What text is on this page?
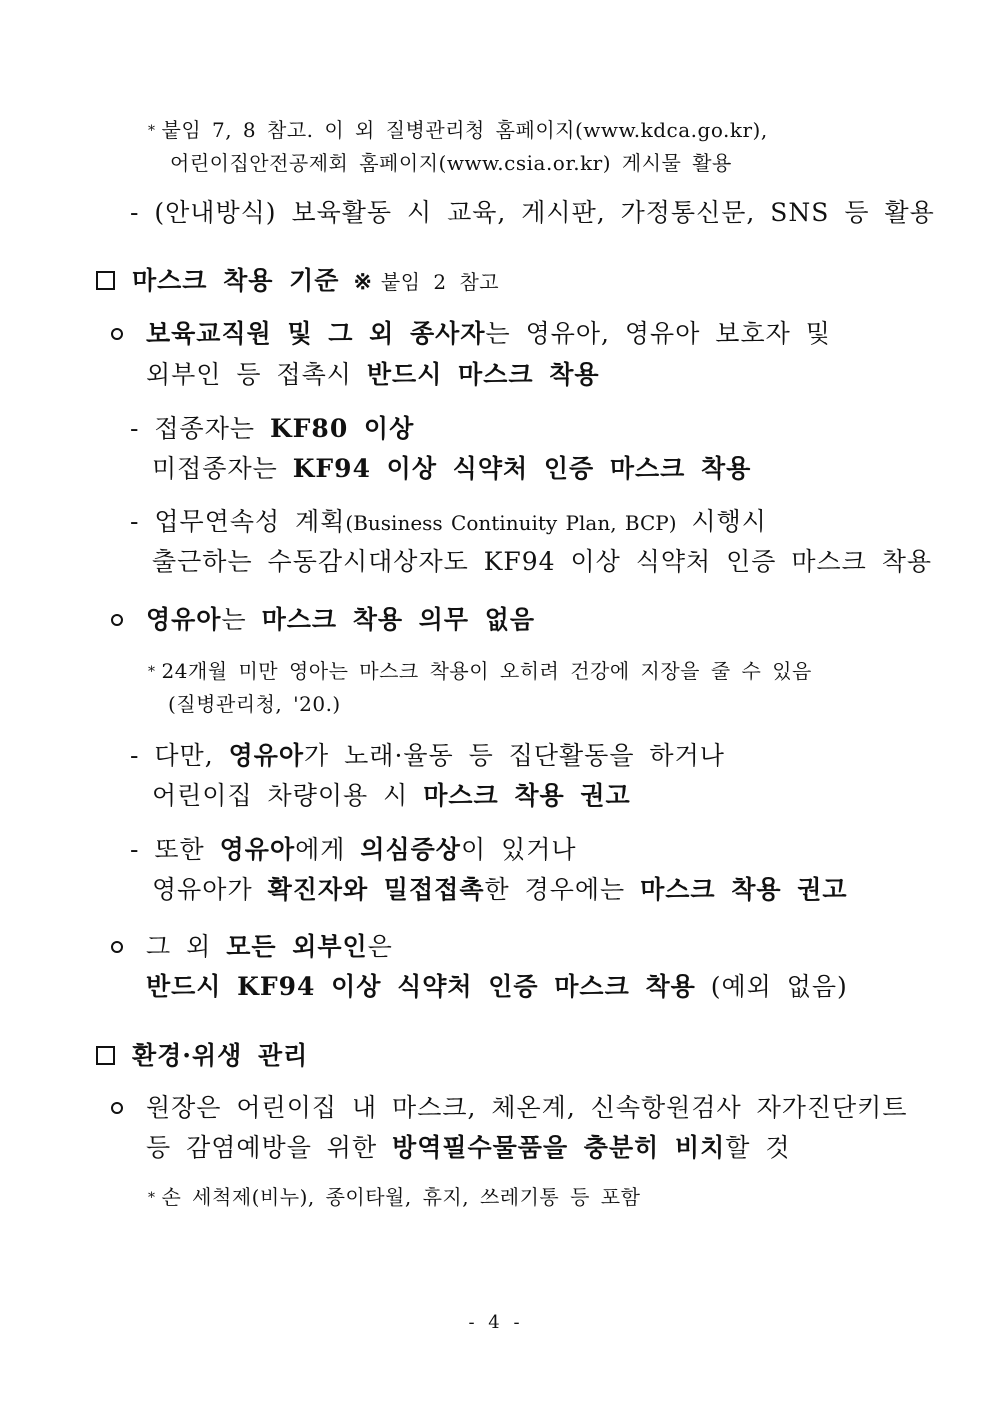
* 붙임 7, 8 참고. 이 외 질병관리청 홈페이지(www.kdca.go.kr),
어린이집안전공제회 홈페이지(www.csia.or.kr) 게시물 활용
- (안내방식) 보육활동 시 교육, 게시판, 가정통신문, SNS 등 활용
마스크 착용 기준 ※ 붙임 2 참고
보육교직원 및 그 외 종사자는 영유아, 영유아 보호자 및
외부인 등 접촉시 반드시 마스크 착용
- 접종자는 KF80 이상
미접종자는 KF94 이상 식약처 인증 마스크 착용
- 업무연속성 계획(Business Continuity Plan, BCP) 시행시
출근하는 수동감시대상자도 KF94 이상 식약처 인증 마스크 착용
영유아는 마스크 착용 의무 없음
* 24개월 미만 영아는 마스크 착용이 오히려 건강에 지장을 줄 수 있음
(질병관리청, '20.)
- 다만, 영유아가 노래·율동 등 집단활동을 하거나
어린이집 차량이용 시 마스크 착용 권고
- 또한 영유아에게 의심증상이 있거나
영유아가 확진자와 밀접접촉한 경우에는 마스크 착용 권고
그 외 모든 외부인은
반드시 KF94 이상 식약처 인증 마스크 착용 (예외 없음)
환경·위생 관리
원장은 어린이집 내 마스크, 체온계, 신속항원검사 자가진단키트
등 감염예방을 위한 방역필수물품을 충분히 비치할 것
* 손 세척제(비누), 종이타월, 휴지, 쓰레기통 등 포함
- 4 -
